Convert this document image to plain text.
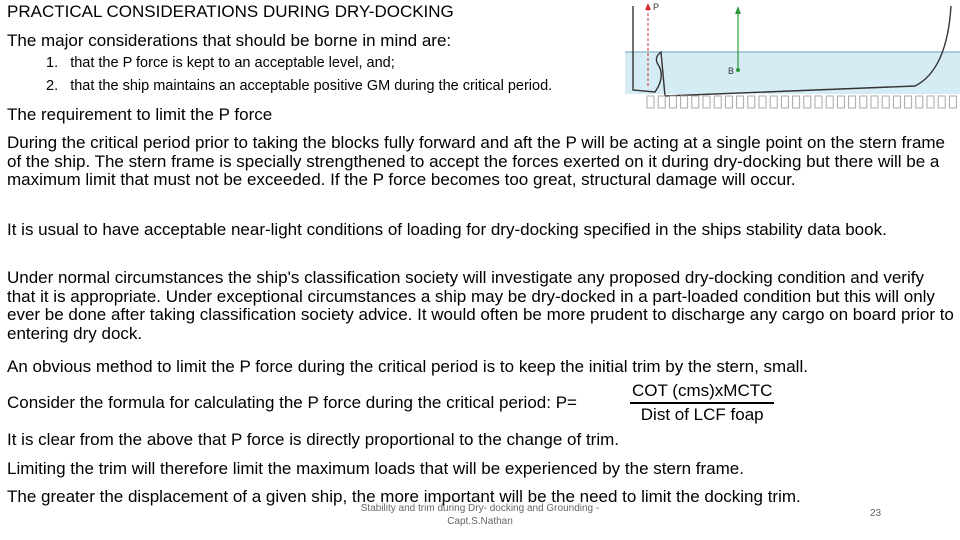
PRACTICAL CONSIDERATIONS DURING DRY-DOCKING
The major considerations that should be borne in mind are:
1. that the P force is kept to an acceptable level, and;
2. that the ship maintains an acceptable positive GM during the critical period.
The requirement to limit the P force
During the critical period prior to taking the blocks fully forward and aft the P will be acting at a single point on the stern frame of the ship. The stern frame is specially strengthened to accept the forces exerted on it during dry-docking but there will be a maximum limit that must not be exceeded. If the P force becomes too great, structural damage will occur.
It is usual to have acceptable near-light conditions of loading for dry-docking specified in the ships stability data book.
Under normal circumstances the ship's classification society will investigate any proposed dry-docking condition and verify that it is appropriate. Under exceptional circumstances a ship may be dry-docked in a part-loaded condition but this will only ever be done after taking classification society advice. It would often be more prudent to discharge any cargo on board prior to entering dry dock.
An obvious method to limit the P force during the critical period is to keep the initial trim by the stern, small.
Consider the formula for calculating the P force during the critical period: P=
COT (cms)xMCTC
Dist of LCF foap
It is clear from the above that P force is directly proportional to the change of trim.
Limiting the trim will therefore limit the maximum loads that will be experienced by the stern frame.
The greater the displacement of a given ship, the more important will be the need to limit the docking trim.
Stability and trim during Dry- docking and Grounding - Capt.S.Nathan
23
P
B
